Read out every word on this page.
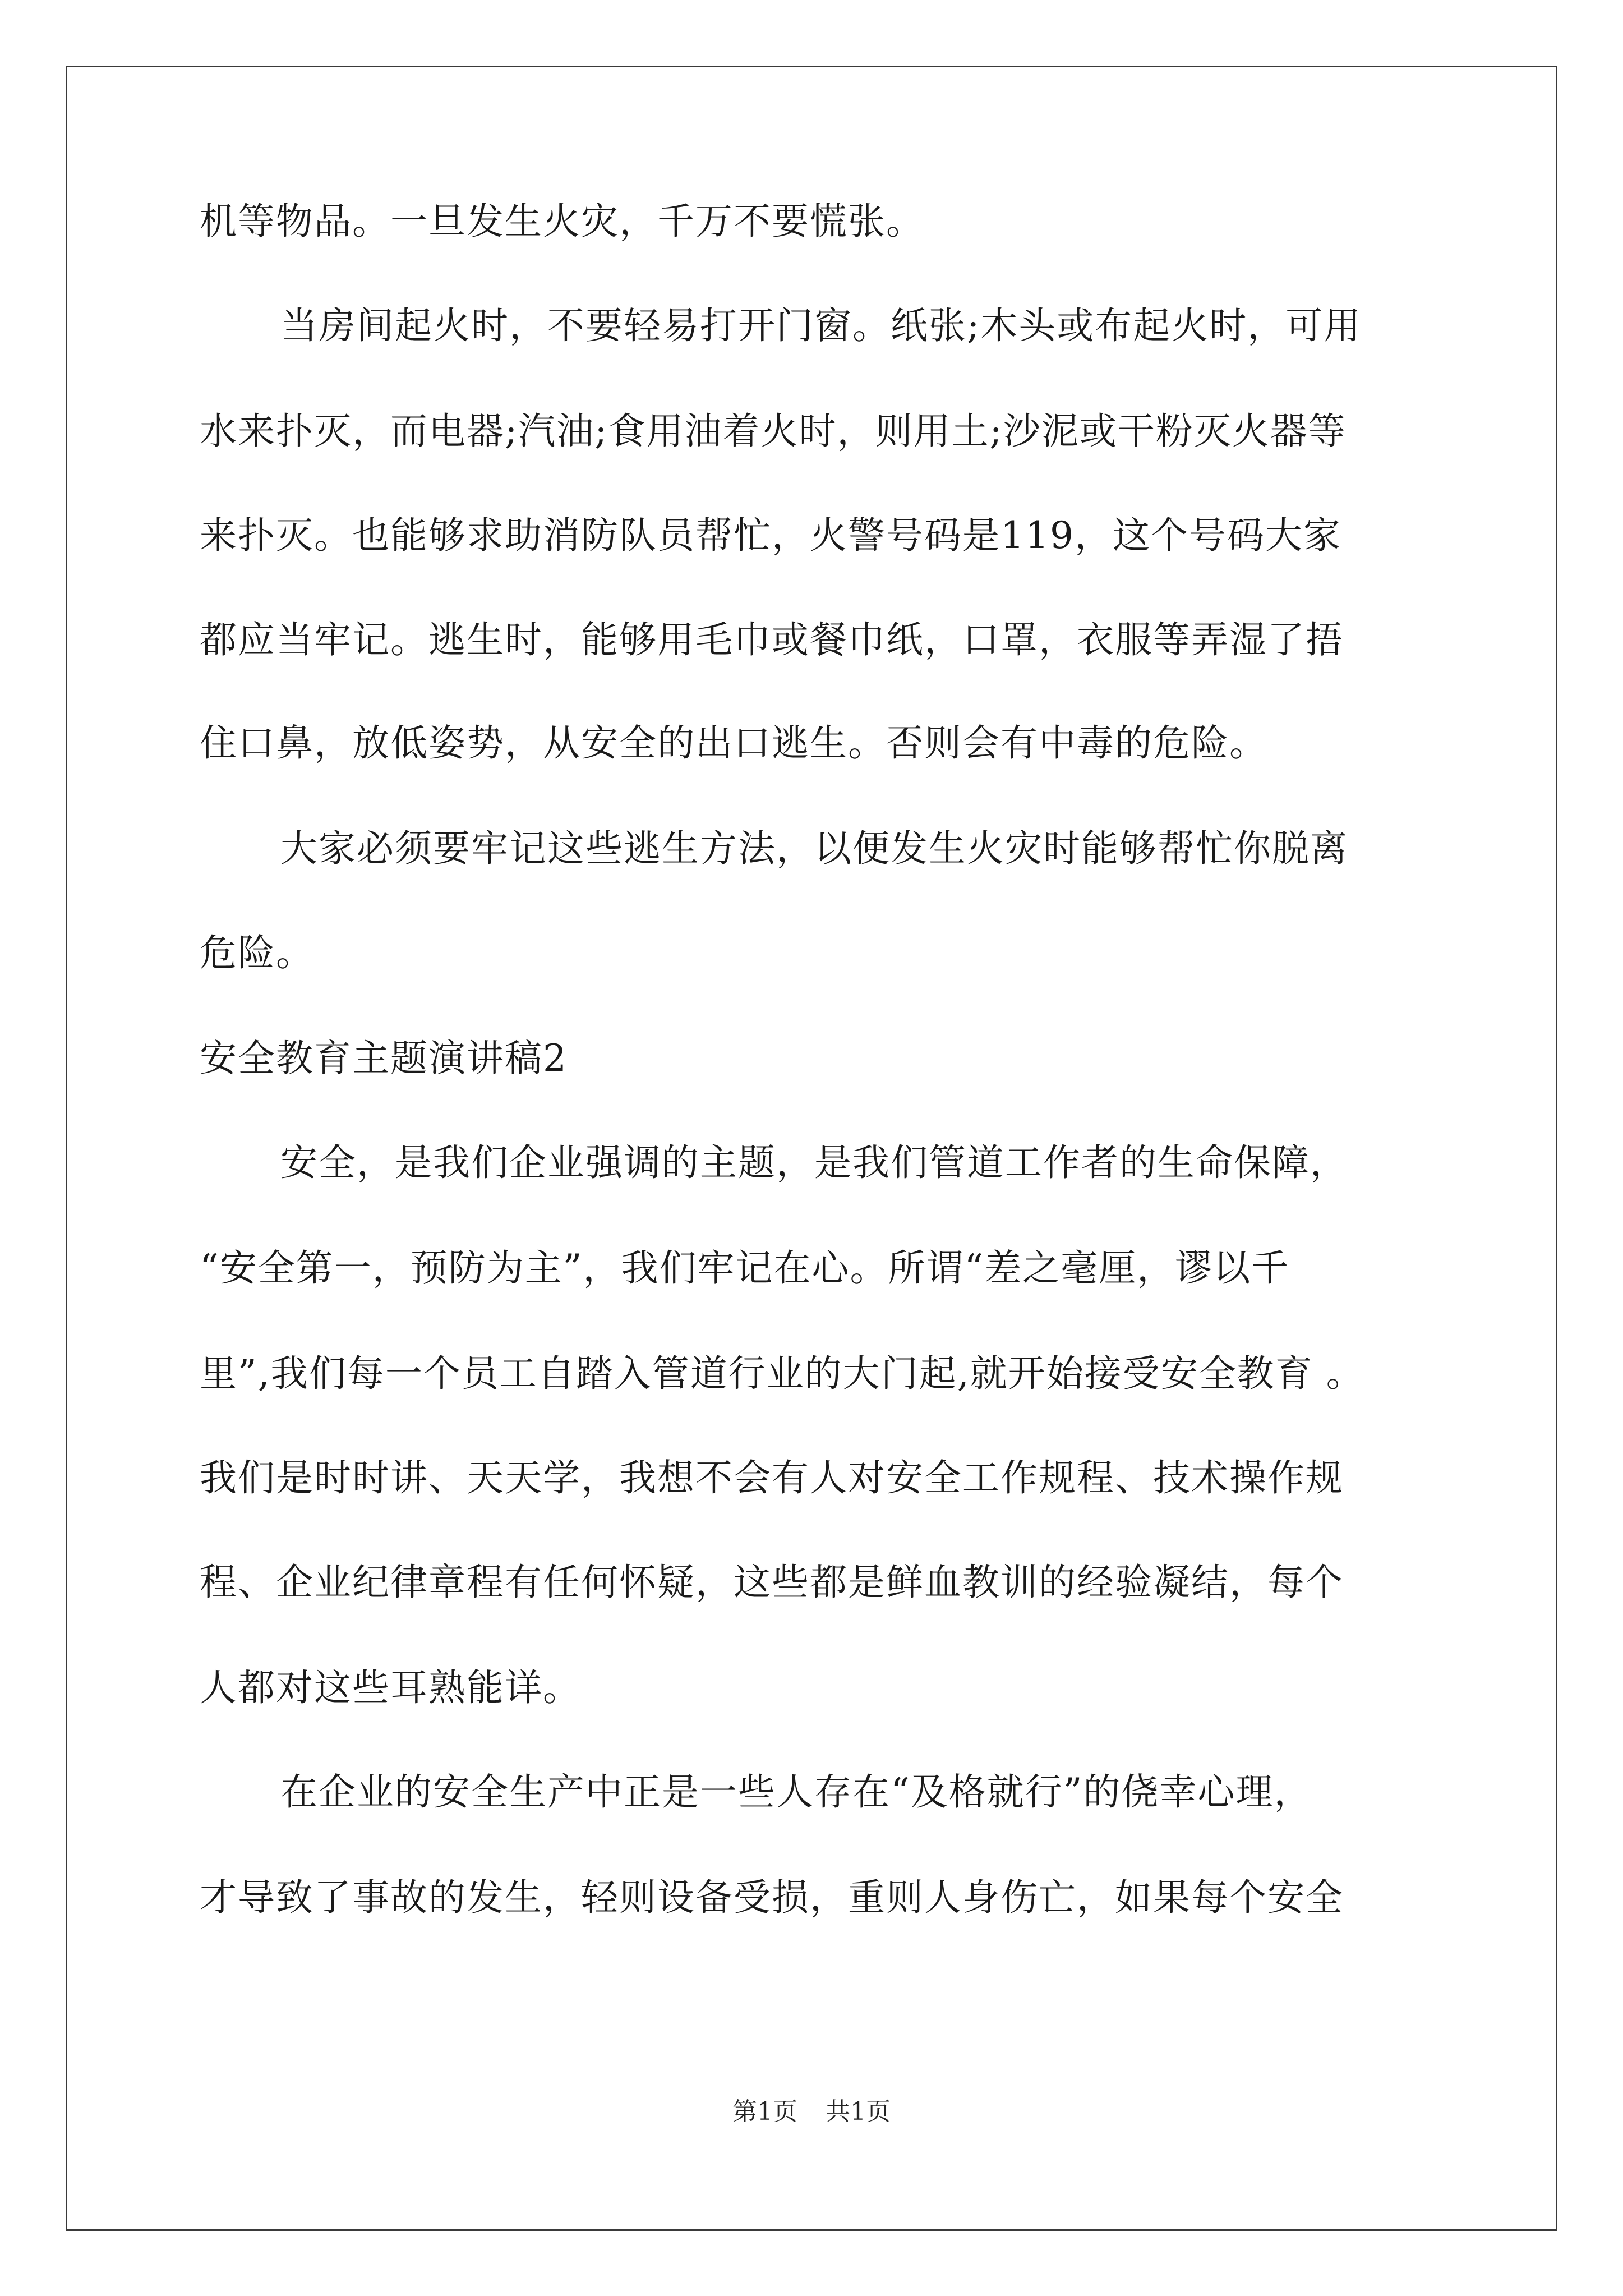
机等物品。一旦发生火灾，千万不要慌张。
当房间起火时，不要轻易打开门窗。纸张;木头或布起火时，可用
水来扑灭，而电器;汽油;食用油着火时，则用土;沙泥或干粉灭火器等
来扑灭。也能够求助消防队员帮忙，火警号码是119，这个号码大家
都应当牢记。逃生时，能够用毛巾或餐巾纸，口罩，衣服等弄湿了捂
住口鼻，放低姿势，从安全的出口逃生。否则会有中毒的危险。
大家必须要牢记这些逃生方法，以便发生火灾时能够帮忙你脱离
危险。
安全教育主题演讲稿2
安全，是我们企业强调的主题，是我们管道工作者的生命保障，
“安全第一，预防为主”，我们牢记在心。所谓“差之毫厘，谬以千
里”,我们每一个员工自踏入管道行业的大门起,就开始接受安全教育 。
我们是时时讲、天天学，我想不会有人对安全工作规程、技术操作规
程、企业纪律章程有任何怀疑，这些都是鲜血教训的经验凝结，每个
人都对这些耳熟能详。
在企业的安全生产中正是一些人存在“及格就行”的侥幸心理，
才导致了事故的发生，轻则设备受损，重则人身伤亡，如果每个安全
第1页 共1页
